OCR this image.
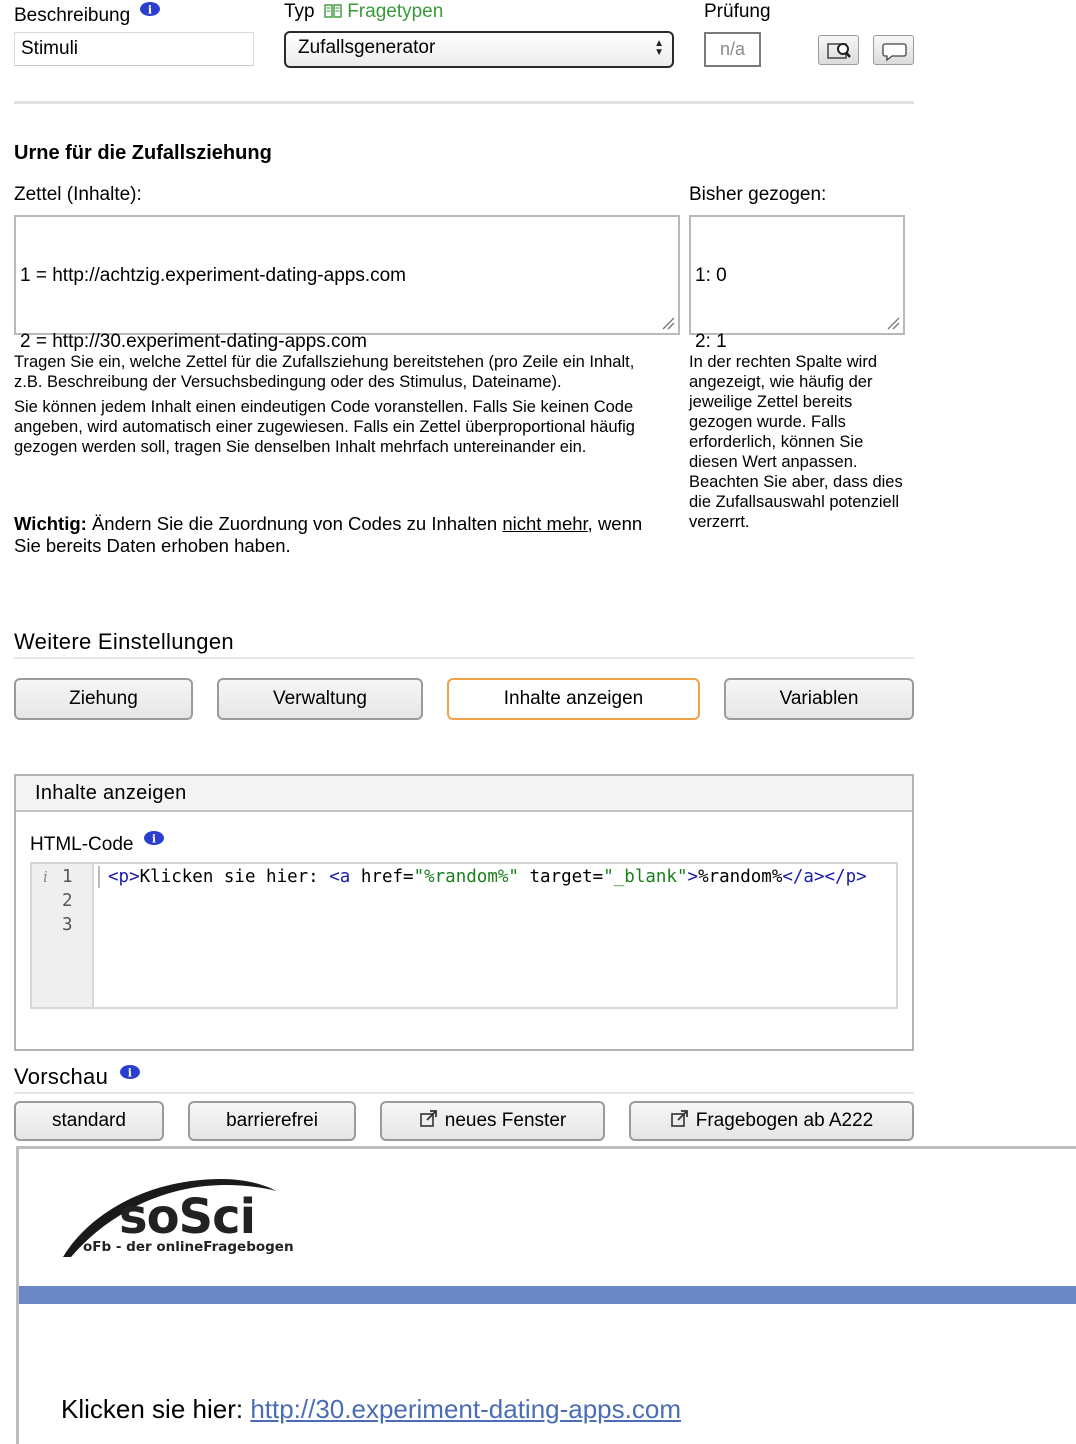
Beschreibung i	Typ Fragetypen	Prüfung
Stimuli	Zufallsgenerator	▲
▼	n/a
Urne für die Zufallsziehung
Zettel (Inhalte):	Bisher gezogen:

1 = http://achtzig.experiment-dating-apps.com

2 = http://30.experiment-dating-apps.com

1: 0

2: 1

Tragen Sie ein, welche Zettel für die Zufallsziehung bereitstehen (pro Zeile ein Inhalt, z.B. Beschreibung der Versuchsbedingung oder des Stimulus, Dateiname).
Sie können jedem Inhalt einen eindeutigen Code voranstellen. Falls Sie keinen Code angeben, wird automatisch einer zugewiesen. Falls ein Zettel überproportional häufig gezogen werden soll, tragen Sie denselben Inhalt mehrfach untereinander ein.
Wichtig: Ändern Sie die Zuordnung von Codes zu Inhalten nicht mehr, wenn Sie bereits Daten erhoben haben.
In der rechten Spalte wird angezeigt, wie häufig der jeweilige Zettel bereits gezogen wurde. Falls erforderlich, können Sie diesen Wert anpassen. Beachten Sie aber, dass dies die Zufallsauswahl potenziell verzerrt.
Weitere Einstellungen
Ziehung	Verwaltung	Inhalte anzeigen	Variablen
Inhalte anzeigen
HTML-Code i
i 1
2
3
<p>Klicken sie hier: <a href="%random%" target="_blank">%random%</a></p>
Vorschau i
standard	barrierefrei	neues Fenster	Fragebogen ab A222
soSci
oFb - der onlineFragebogen
Klicken sie hier: http://30.experiment-dating-apps.com
